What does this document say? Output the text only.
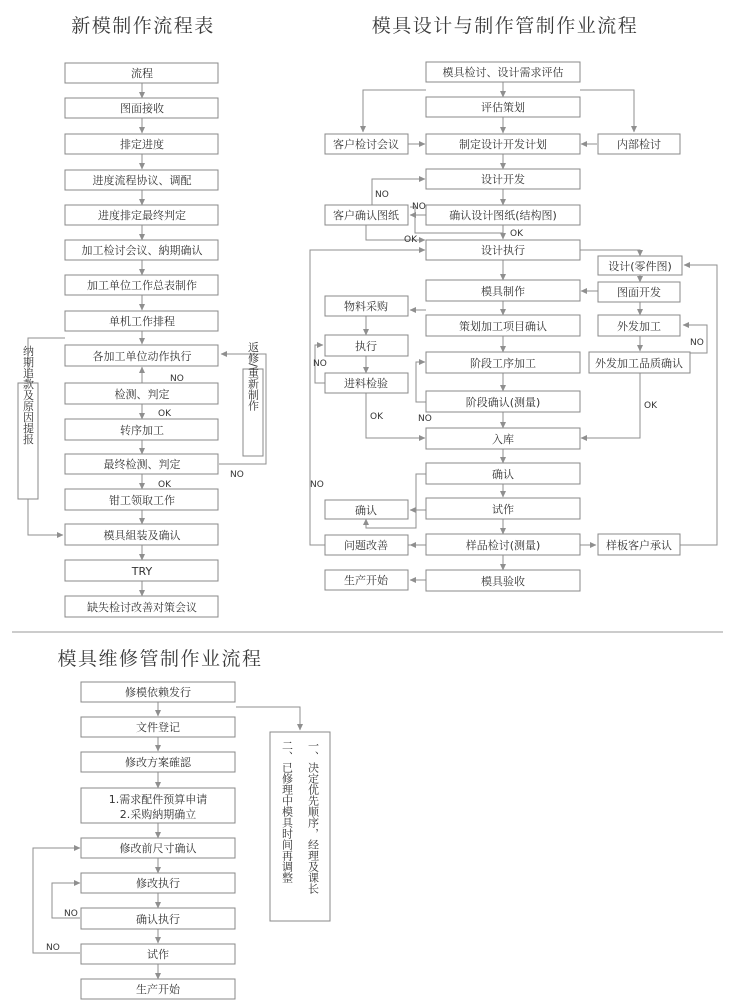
新模制作流程表	模具设计与制作管制作业流程
模具维修管制作业流程
流程
图面接收
排定进度
进度流程协议、调配
进度排定最终判定
加工检讨会议、納期确认
加工单位工作总表制作
单机工作排程
各加工单位动作执行
检测、判定
转序加工
最终检测、判定
钳工领取工作
模具組装及确认
TRY
缺失检讨改善对策会议
纳期追款及原因提报	返修/重新制作
NO
OK
OK
NO
模具检讨、设计需求评估
评估策划
制定设计开发计划
设计开发
确认设计图纸(结构图)
设计执行
模具制作
策划加工项目确认
阶段工序加工
阶段确认(测量)
入库
确认
试作
样品检讨(测量)
模具验收
客户检讨会议
客户确认图纸
物料采购
执行
进料检验
确认
问题改善
生产开始
内部检讨
设计(零件图)
图面开发
外发加工
外发加工品质确认
样板客户承认
NO
NO
OK
OK
NO
OK	NO
NO
OK
NO
修模依赖发行
文件登记
修改方案確認
1.需求配件预算申请
2.采购納期确立
修改前尺寸确认
修改执行
确认执行
试作
生产开始
一、决定优先顺序，经理及课长
二、已修理中模具时间再调整
NO
NO
